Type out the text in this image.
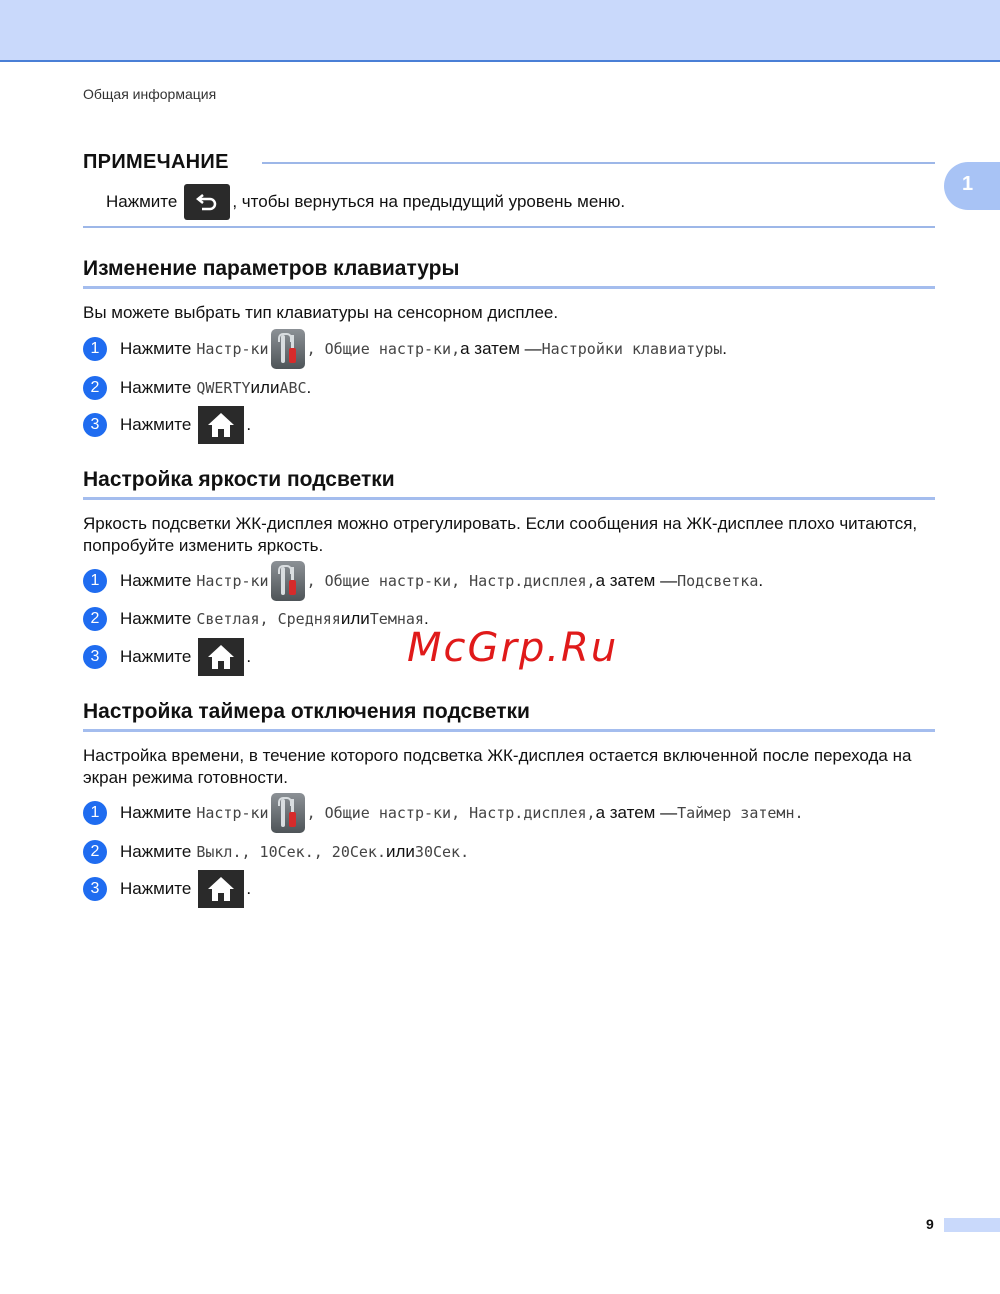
Общая информация
1
ПРИМЕЧАНИЕ
Нажмите	, чтобы вернуться на предыдущий уровень меню.
Изменение параметров клавиатуры
Вы можете выбрать тип клавиатуры на сенсорном дисплее.
1	Нажмите Настр-ки	, Общие настр-ки, а затем — Настройки клавиатуры .
2	Нажмите QWERTY или ABC .
3	Нажмите	.
Настройка яркости подсветки
Яркость подсветки ЖК-дисплея можно отрегулировать. Если сообщения на ЖК-дисплее плохо читаются, попробуйте изменить яркость.
1	Нажмите Настр-ки	, Общие настр-ки, Настр.дисплея, а затем — Подсветка .
2	Нажмите Светлая, Средняя или Темная .
3	Нажмите	.	McGrp.Ru
Настройка таймера отключения подсветки
Настройка времени, в течение которого подсветка ЖК-дисплея остается включенной после перехода на экран режима готовности.
1	Нажмите Настр-ки	, Общие настр-ки, Настр.дисплея, а затем — Таймер затемн.
2	Нажмите Выкл., 10Сек., 20Сек. или 30Сек.
3	Нажмите	.
9
